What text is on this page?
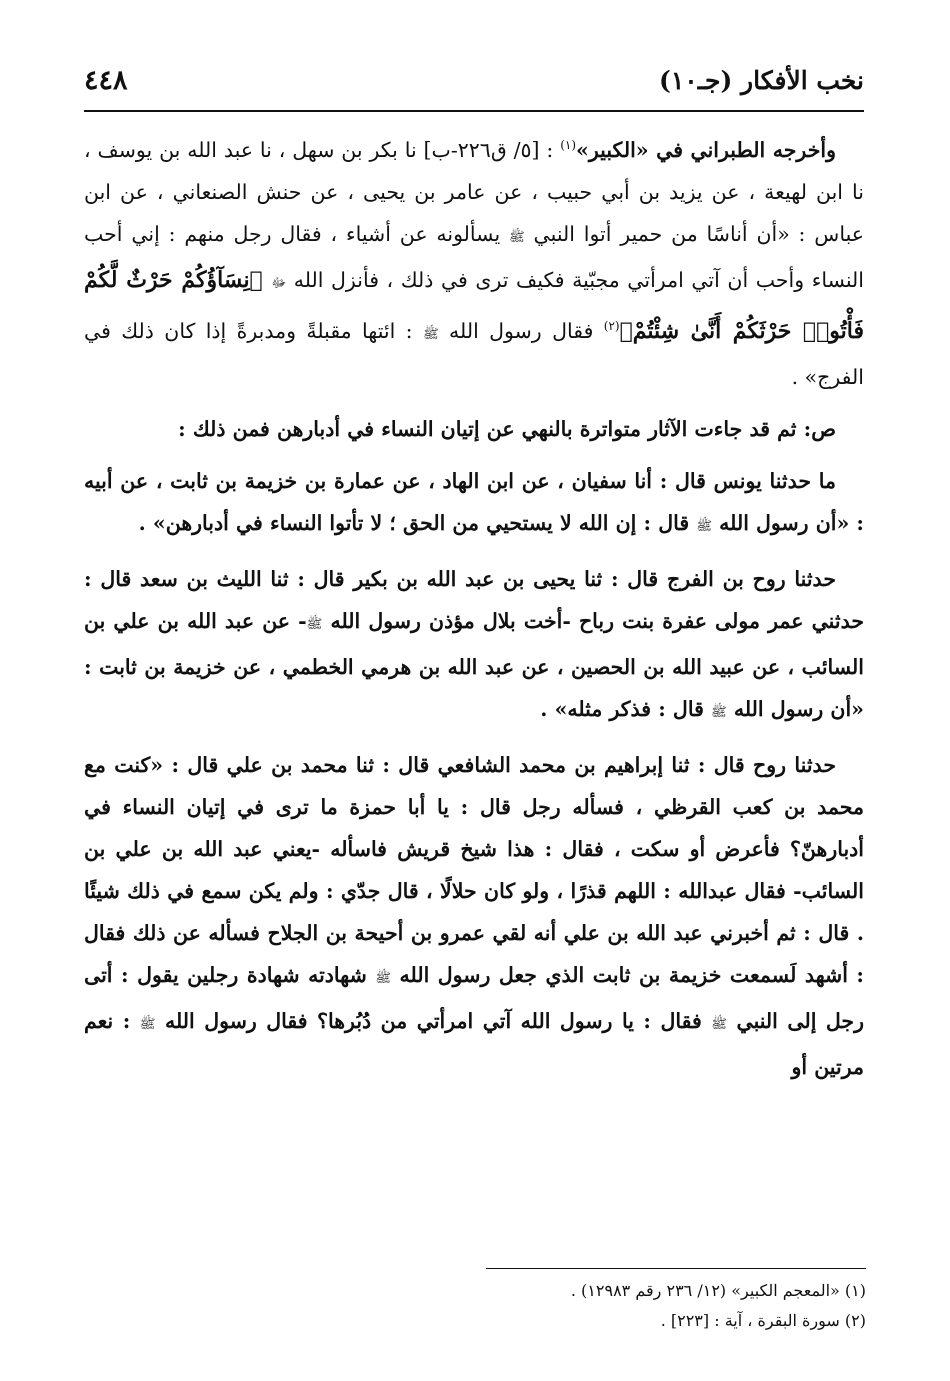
نخب الأفكار (جـ١٠)
٤٤٨

وأخرجه الطبراني في «الكبير»$^{(١)}$ : [٥/ ق٢٢٦-ب] نا بكر بن سهل ، نا عبد الله بن يوسف ، نا ابن لهيعة ، عن يزيد بن أبي حبيب ، عن عامر بن يحيى ، عن حنش الصنعاني ، عن ابن عباس : «أن أناسًا من حمير أتوا النبي ﷺ يسألونه عن أشياء ، فقال رجل منهم : إني أحب النساء وأحب أن آتي امرأتي مجبّية فكيف ترى في ذلك ، فأنزل الله ﷻ ﴿نِسَآؤُكُمْ حَرْثٌ لَّكُمْ فَأْتُوا۟ حَرْثَكُمْ أَنَّىٰ شِئْتُمْ﴾$^{(٢)}$ فقال رسول الله ﷺ : ائتها مقبلةً ومدبرةً إذا كان ذلك في الفرج» .

ص: ثم قد جاءت الآثار متواترة بالنهي عن إتيان النساء في أدبارهن فمن ذلك :

ما حدثنا يونس قال : أنا سفيان ، عن ابن الهاد ، عن عمارة بن خزيمة بن ثابت ، عن أبيه : «أن رسول الله ﷺ قال : إن الله لا يستحيي من الحق ؛ لا تأتوا النساء في أدبارهن» .

حدثنا روح بن الفرج قال : ثنا يحيى بن عبد الله بن بكير قال : ثنا الليث بن سعد قال : حدثني عمر مولى عفرة بنت رباح -أخت بلال مؤذن رسول الله ﷺ- عن عبد الله بن علي بن السائب ، عن عبيد الله بن الحصين ، عن عبد الله بن هرمي الخطمي ، عن خزيمة بن ثابت : «أن رسول الله ﷺ قال : فذكر مثله» .

حدثنا روح قال : ثنا إبراهيم بن محمد الشافعي قال : ثنا محمد بن علي قال : «كنت مع محمد بن كعب القرظي ، فسأله رجل قال : يا أبا حمزة ما ترى في إتيان النساء في أدبارهنّ؟ فأعرض أو سكت ، فقال : هذا شيخ قريش فاسأله -يعني عبد الله بن علي بن السائب- فقال عبدالله : اللهم قذرًا ، ولو كان حلالًا ، قال جدّي : ولم يكن سمع في ذلك شيئًا . قال : ثم أخبرني عبد الله بن علي أنه لقي عمرو بن أحيحة بن الجلاح فسأله عن ذلك فقال : أشهد لَسمعت خزيمة بن ثابت الذي جعل رسول الله ﷺ شهادته شهادة رجلين يقول : أتى رجل إلى النبي ﷺ فقال : يا رسول الله آتي امرأتي من دُبُرها؟ فقال رسول الله ﷺ : نعم مرتين أو

(١) «المعجم الكبير» (١٢/ ٢٣٦ رقم ١٢٩٨٣) .
(٢) سورة البقرة ، آية : [٢٢٣] .
